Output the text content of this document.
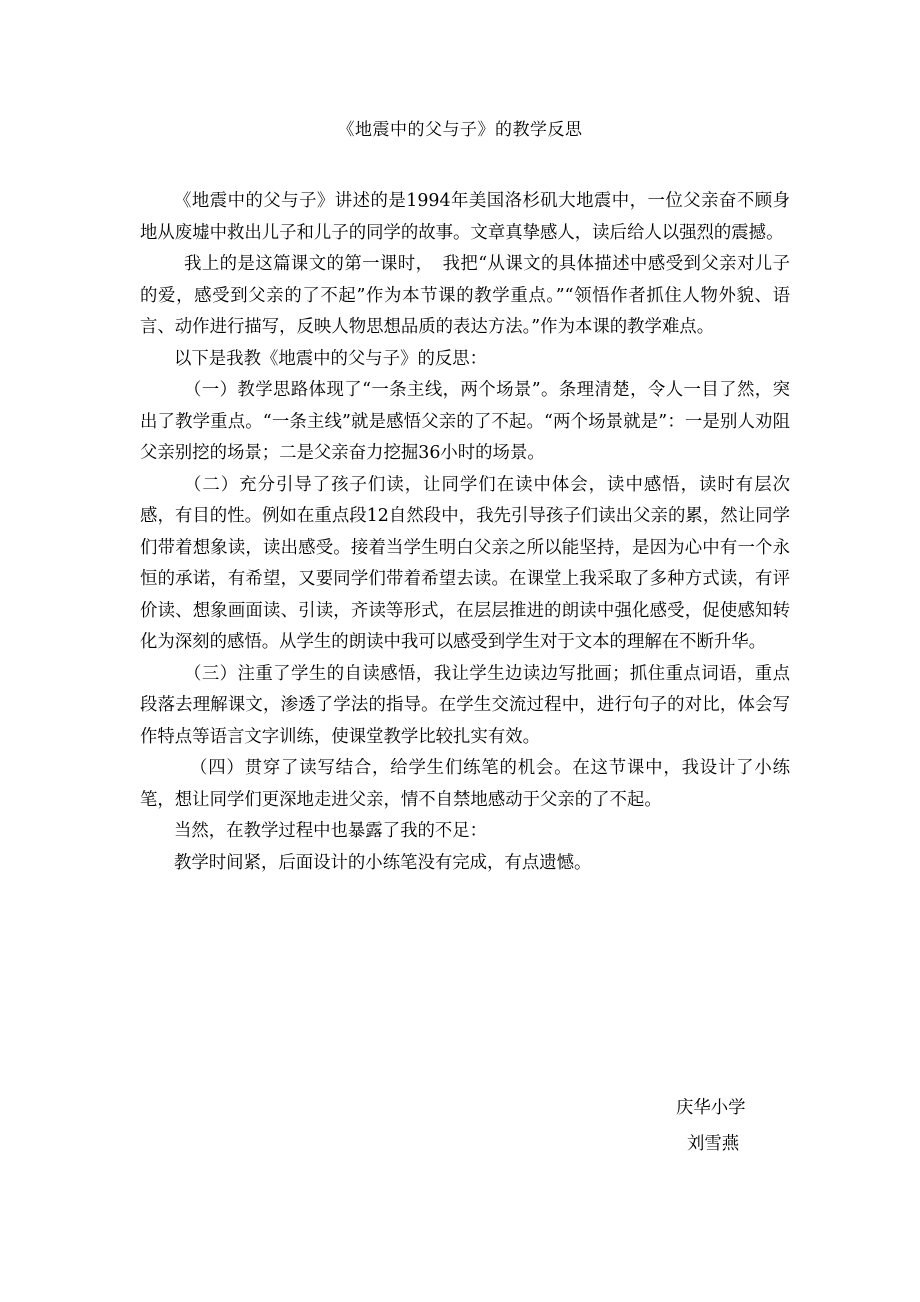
《地震中的父与子》的教学反思

《地震中的父与子》讲述的是1994年美国洛杉矶大地震中，一位父亲奋不顾身地从废墟中救出儿子和儿子的同学的故事。文章真挚感人，读后给人以强烈的震撼。

我上的是这篇课文的第一课时，　我把“从课文的具体描述中感受到父亲对儿子的爱，感受到父亲的了不起”作为本节课的教学重点。”“领悟作者抓住人物外貌、语言、动作进行描写，反映人物思想品质的表达方法。”作为本课的教学难点。

以下是我教《地震中的父与子》的反思：

（一）教学思路体现了“一条主线，两个场景”。条理清楚，令人一目了然，突出了教学重点。“一条主线”就是感悟父亲的了不起。“两个场景就是”：一是别人劝阻父亲别挖的场景；二是父亲奋力挖掘36小时的场景。

（二）充分引导了孩子们读，让同学们在读中体会，读中感悟，读时有层次感，有目的性。例如在重点段12自然段中，我先引导孩子们读出父亲的累，然让同学们带着想象读，读出感受。接着当学生明白父亲之所以能坚持，是因为心中有一个永恒的承诺，有希望，又要同学们带着希望去读。在课堂上我采取了多种方式读，有评价读、想象画面读、引读，齐读等形式，在层层推进的朗读中强化感受，促使感知转化为深刻的感悟。从学生的朗读中我可以感受到学生对于文本的理解在不断升华。

（三）注重了学生的自读感悟，我让学生边读边写批画；抓住重点词语，重点段落去理解课文，渗透了学法的指导。在学生交流过程中，进行句子的对比，体会写作特点等语言文字训练，使课堂教学比较扎实有效。

（四）贯穿了读写结合，给学生们练笔的机会。在这节课中，我设计了小练笔，想让同学们更深地走进父亲，情不自禁地感动于父亲的了不起。

当然，在教学过程中也暴露了我的不足：

教学时间紧，后面设计的小练笔没有完成，有点遗憾。

庆华小学
刘雪燕
